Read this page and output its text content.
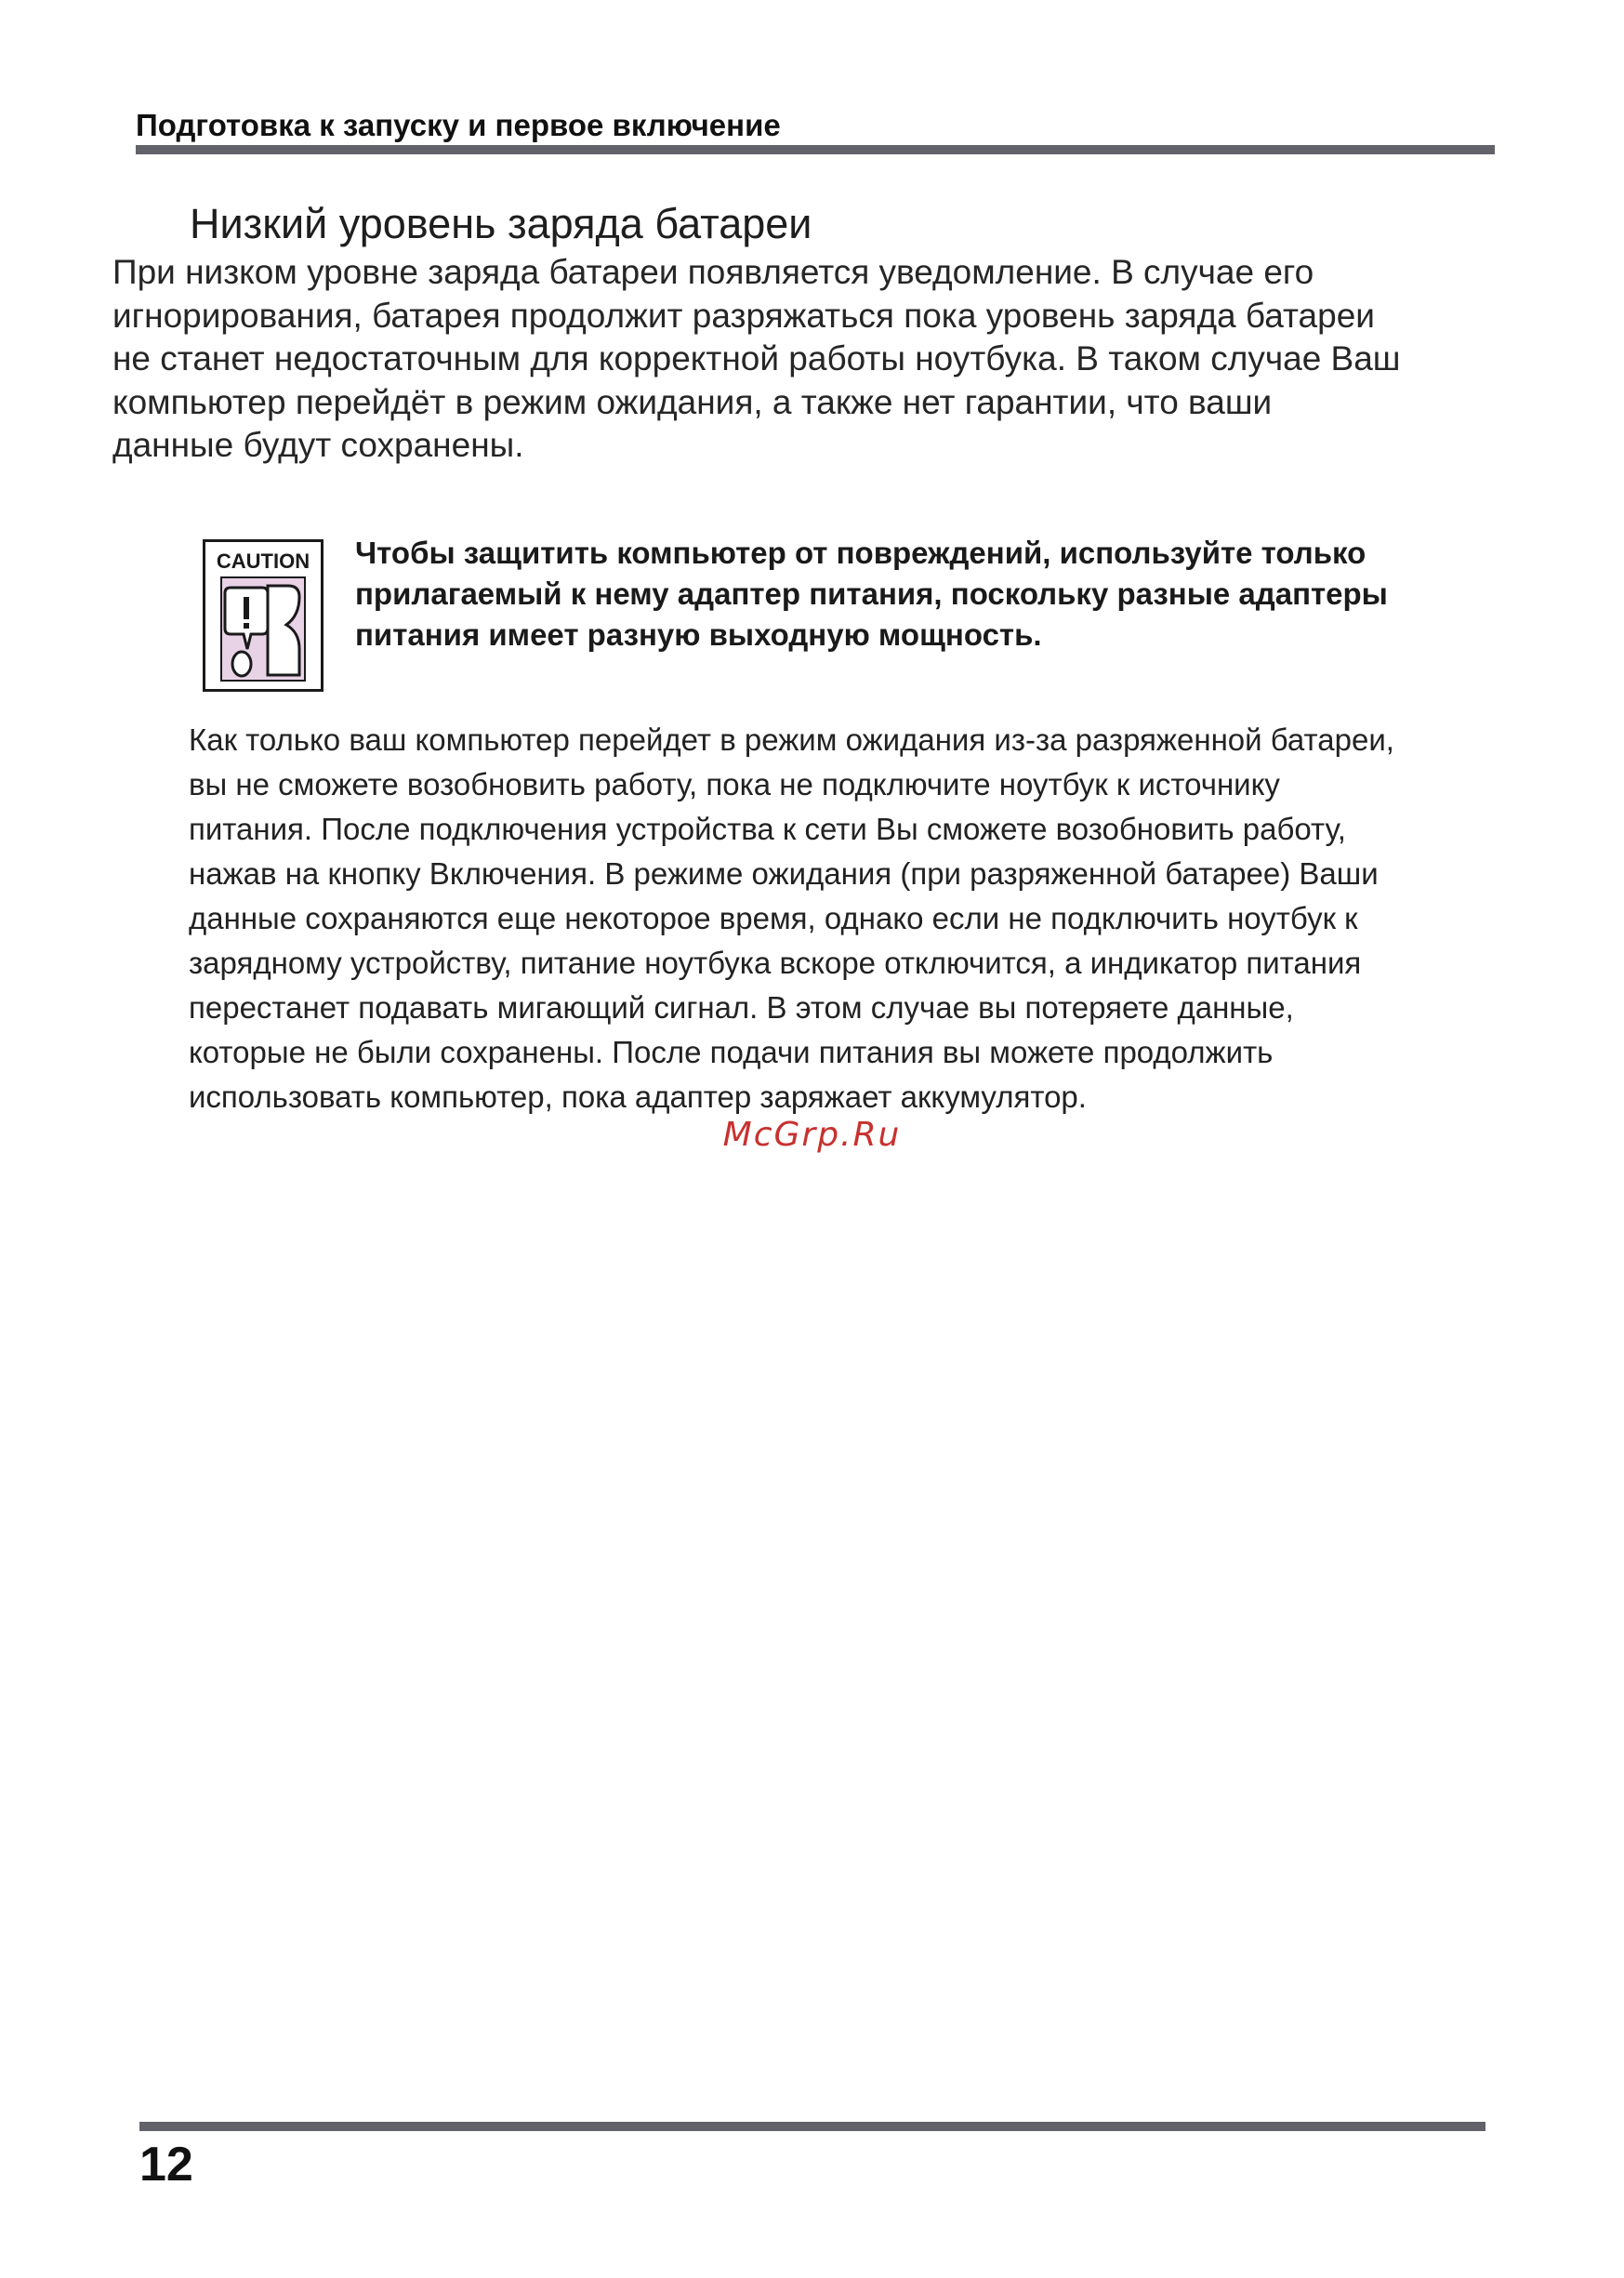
Подготовка к запуску и первое включение
Низкий уровень заряда батареи
При низком уровне заряда батареи появляется уведомление. В случае его
игнорирования, батарея продолжит разряжаться пока уровень заряда батареи
не станет недостаточным для корректной работы ноутбука. В таком случае Ваш
компьютер перейдёт в режим ожидания, а также нет гарантии, что ваши
данные будут сохранены.
CAUTION Чтобы защитить компьютер от повреждений, используйте только
прилагаемый к нему адаптер питания, поскольку разные адаптеры
питания имеет разную выходную мощность.
Как только ваш компьютер перейдет в режим ожидания из-за разряженной батареи,
вы не сможете возобновить работу, пока не подключите ноутбук к источнику
питания. После подключения устройства к сети Вы сможете возобновить работу,
нажав на кнопку Включения. В режиме ожидания (при разряженной батарее) Ваши
данные сохраняются еще некоторое время, однако если не подключить ноутбук к
зарядному устройству, питание ноутбука вскоре отключится, а индикатор питания
перестанет подавать мигающий сигнал. В этом случае вы потеряете данные,
которые не были сохранены. После подачи питания вы можете продолжить
использовать компьютер, пока адаптер заряжает аккумулятор.
McGrp.Ru
12
